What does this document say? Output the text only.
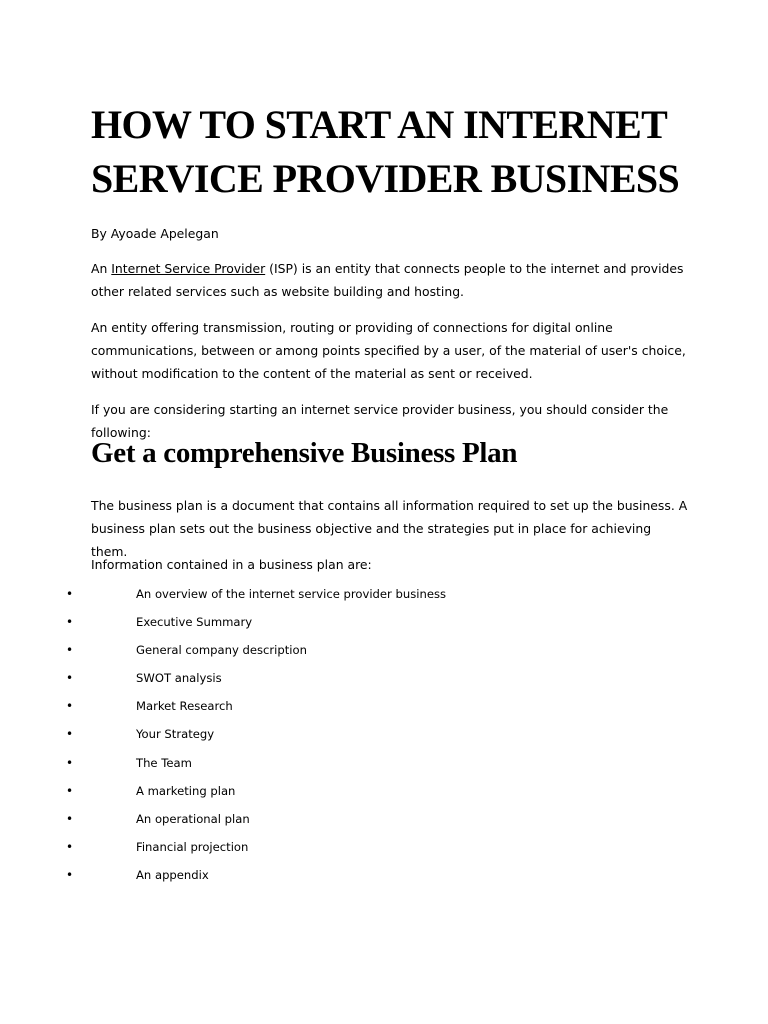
HOW TO START AN INTERNET
SERVICE PROVIDER BUSINESS

By Ayoade Apelegan

An Internet Service Provider (ISP) is an entity that connects people to the internet and provides other related services such as website building and hosting.

An entity offering transmission, routing or providing of connections for digital online communications, between or among points specified by a user, of the material of user's choice, without modification to the content of the material as sent or received.

If you are considering starting an internet service provider business, you should consider the following:

Get a comprehensive Business Plan

The business plan is a document that contains all information required to set up the business. A business plan sets out the business objective and the strategies put in place for achieving them.

Information contained in a business plan are:

•	An overview of the internet service provider business
•	Executive Summary
•	General company description
•	SWOT analysis
•	Market Research
•	Your Strategy
•	The Team
•	A marketing plan
•	An operational plan
•	Financial projection
•	An appendix
